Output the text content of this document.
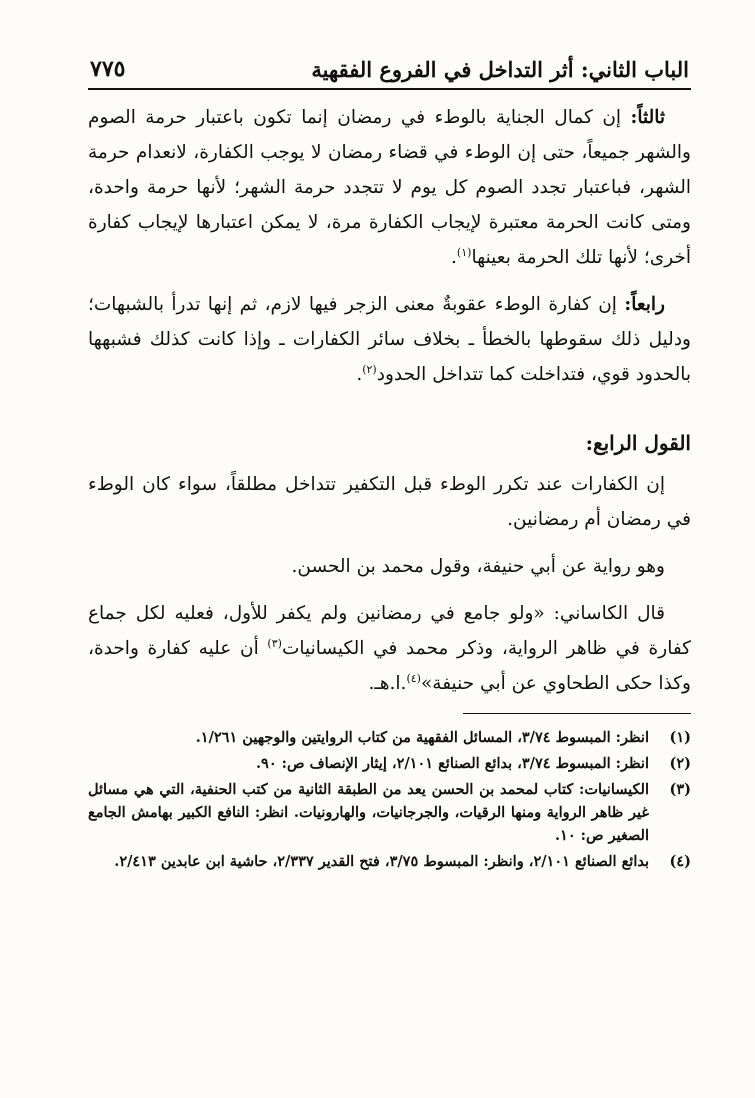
الباب الثاني: أثر التداخل في الفروع الفقهية
٧٧٥

ثالثاً: إن كمال الجناية بالوطء في رمضان إنما تكون باعتبار حرمة الصوم والشهر جميعاً، حتى إن الوطء في قضاء رمضان لا يوجب الكفارة، لانعدام حرمة الشهر، فباعتبار تجدد الصوم كل يوم لا تتجدد حرمة الشهر؛ لأنها حرمة واحدة، ومتى كانت الحرمة معتبرة لإيجاب الكفارة مرة، لا يمكن اعتبارها لإيجاب كفارة أخرى؛ لأنها تلك الحرمة بعينها$^{(١)}$.

رابعاً: إن كفارة الوطء عقوبةٌ معنى الزجر فيها لازم، ثم إنها تدرأ بالشبهات؛ ودليل ذلك سقوطها بالخطأ ـ بخلاف سائر الكفارات ـ وإذا كانت كذلك فشبهها بالحدود قوي، فتداخلت كما تتداخل الحدود$^{(٢)}$.

القول الرابع:

إن الكفارات عند تكرر الوطء قبل التكفير تتداخل مطلقاً، سواء كان الوطء في رمضان أم رمضانين.

وهو رواية عن أبي حنيفة، وقول محمد بن الحسن.

قال الكاساني: «ولو جامع في رمضانين ولم يكفر للأول، فعليه لكل جماع كفارة في ظاهر الرواية، وذكر محمد في الكيسانيات$^{(٣)}$ أن عليه كفارة واحدة، وكذا حكى الطحاوي عن أبي حنيفة»$^{(٤)}$.ا.هـ.

(١)
انظر: المبسوط ٣/٧٤، المسائل الفقهية من كتاب الروايتين والوجهين ١/٢٦١.
(٢)
انظر: المبسوط ٣/٧٤، بدائع الصنائع ٢/١٠١، إيثار الإنصاف ص: ٩٠.
(٣)
الكيسانيات: كتاب لمحمد بن الحسن يعد من الطبقة الثانية من كتب الحنفية، التي هي مسائل غير ظاهر الرواية ومنها الرقيات، والجرجانيات، والهارونيات. انظر: النافع الكبير بهامش الجامع الصغير ص: ١٠.
(٤)
بدائع الصنائع ٢/١٠١، وانظر: المبسوط ٣/٧٥، فتح القدير ٢/٣٣٧، حاشية ابن عابدين ٢/٤١٣.
